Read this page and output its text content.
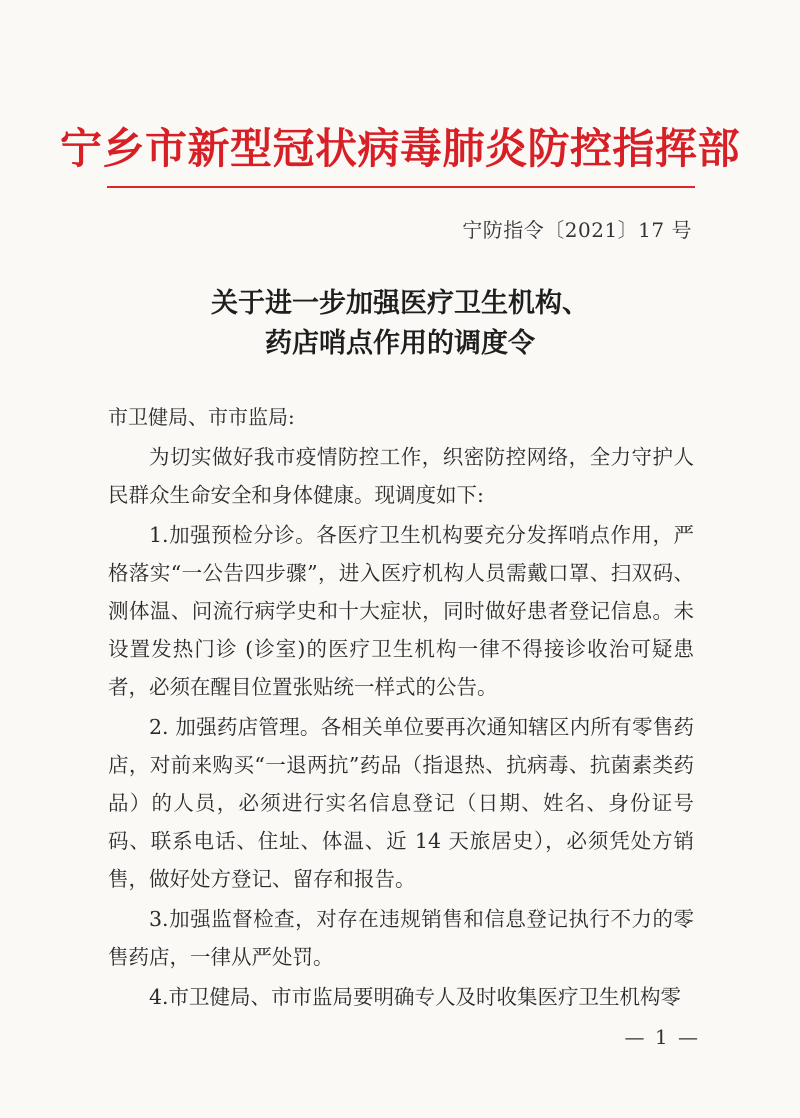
宁乡市新型冠状病毒肺炎防控指挥部
宁防指令〔2021〕17 号
关于进一步加强医疗卫生机构、
药店哨点作用的调度令
市卫健局、市市监局:

为切实做好我市疫情防控工作，织密防控网络，全力守护人民群众生命安全和身体健康。现调度如下:

1.加强预检分诊。各医疗卫生机构要充分发挥哨点作用，严格落实“一公告四步骤”，进入医疗机构人员需戴口罩、扫双码、测体温、问流行病学史和十大症状，同时做好患者登记信息。未设置发热门诊 (诊室)的医疗卫生机构一律不得接诊收治可疑患者，必须在醒目位置张贴统一样式的公告。

2. 加强药店管理。各相关单位要再次通知辖区内所有零售药店，对前来购买“一退两抗”药品（指退热、抗病毒、抗菌素类药品）的人员，必须进行实名信息登记（日期、姓名、身份证号码、联系电话、住址、体温、近 14 天旅居史），必须凭处方销售，做好处方登记、留存和报告。

3.加强监督检查，对存在违规销售和信息登记执行不力的零售药店，一律从严处罚。

4.市卫健局、市市监局要明确专人及时收集医疗卫生机构零

— 1 —
